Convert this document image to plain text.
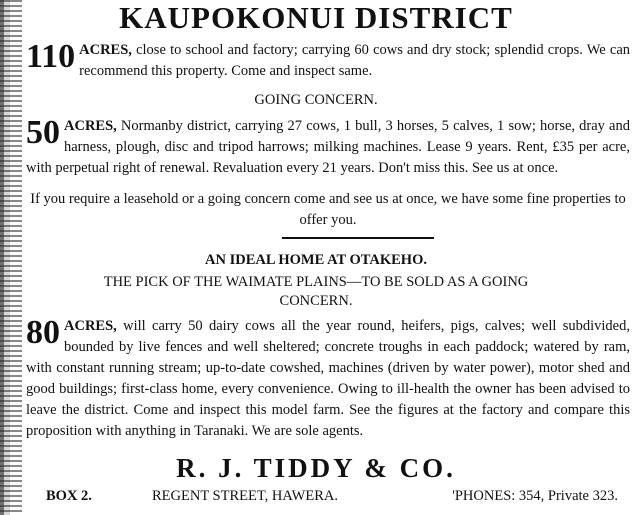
KAUPOKONUI DISTRICT
110 ACRES, close to school and factory; carrying 60 cows and dry stock; splendid crops. We can recommend this property. Come and inspect same.
GOING CONCERN.
50 ACRES, Normanby district, carrying 27 cows, 1 bull, 3 horses, 5 calves, 1 sow; horse, dray and harness, plough, disc and tripod harrows; milking machines. Lease 9 years. Rent, £35 per acre, with perpetual right of renewal. Revaluation every 21 years. Don't miss this. See us at once.
If you require a leasehold or a going concern come and see us at once, we have some fine properties to offer you.
AN IDEAL HOME AT OTAKEHO.
THE PICK OF THE WAIMATE PLAINS—TO BE SOLD AS A GOING
CONCERN.
80 ACRES, will carry 50 dairy cows all the year round, heifers, pigs, calves; well subdivided, bounded by live fences and well sheltered; concrete troughs in each paddock; watered by ram, with constant running stream; up-to-date cowshed, machines (driven by water power), motor shed and good buildings; first-class home, every convenience. Owing to ill-health the owner has been advised to leave the district. Come and inspect this model farm. See the figures at the factory and compare this proposition with anything in Taranaki. We are sole agents.
R. J. TIDDY & CO.
BOX 2.	REGENT STREET, HAWERA.	'PHONES: 354, Private 323.
